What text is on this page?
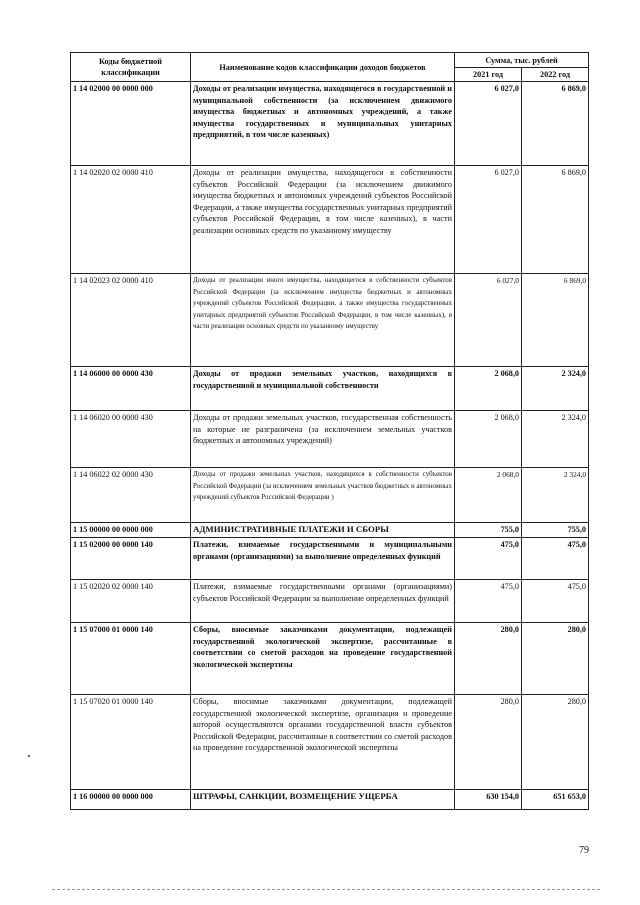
Коды бюджетной классификации	Наименование кодов классификации доходов бюджетов	Сумма, тыс. рублей	
		2021 год	2022 год
1 14 02000 00 0000 000	Доходы от реализации имущества, находящегося в государственной и муниципальной собственности (за исключением движимого имущества бюджетных и автономных учреждений, а также имущества государственных и муниципальных унитарных предприятий, в том числе казенных)	6 027,0	6 869,0
1 14 02020 02 0000 410	Доходы от реализации имущества, находящегося в собственности субъектов Российской Федерации (за исключением движимого имущества бюджетных и автономных учреждений субъектов Российской Федерации, а также имущества государственных унитарных предприятий субъектов Российской Федерации, в том числе казенных), в части реализации основных средств по указанному имуществу	6 027,0	6 869,0
1 14 02023 02 0000 410	Доходы от реализации иного имущества, находящегося в собственности субъектов Российской Федерации (за исключением имущества бюджетных и автономных учреждений субъектов Российской Федерации, а также имущества государственных унитарных предприятий субъектов Российской Федерации, в том числе казенных), в части реализации основных средств по указанному имуществу	6 027,0	6 869,0
1 14 06000 00 0000 430	Доходы от продажи земельных участков, находящихся в государственной и муниципальной собственности	2 068,0	2 324,0
1 14 06020 00 0000 430	Доходы от продажи земельных участков, государственная собственность на которые не разграничена (за исключением земельных участков бюджетных и автономных учреждений)	2 068,0	2 324,0
1 14 06022 02 0000 430	Доходы от продажи земельных участков, находящихся в собственности субъектов Российской Федерации (за исключением земельных участков бюджетных и автономных учреждений субъектов Российской Федерации )	2 068,0	2 324,0
1 15 00000 00 0000 000	АДМИНИСТРАТИВНЫЕ ПЛАТЕЖИ И СБОРЫ	755,0	755,0
1 15 02000 00 0000 140	Платежи, взимаемые государственными и муниципальными органами (организациями) за выполнение определенных функций	475,0	475,0
1 15 02020 02 0000 140	Платежи, взимаемые государственными органами (организациями) субъектов Российской Федерации за выполнение определенных функций	475,0	475,0
1 15 07000 01 0000 140	Сборы, вносимые заказчиками документации, подлежащей государственной экологической экспертизе, рассчитанные в соответствии со сметой расходов на проведение государственной экологической экспертизы	280,0	280,0
1 15 07020 01 0000 140	Сборы, вносимые заказчиками документации, подлежащей государственной экологической экспертизе, организация и проведение которой осуществляются органами государственной власти субъектов Российской Федерации, рассчитанные в соответствии со сметой расходов на проведение государственной экологической экспертизы	280,0	280,0
1 16 00000 00 0000 000	ШТРАФЫ, САНКЦИИ, ВОЗМЕЩЕНИЕ УЩЕРБА	630 154,0	651 653,0
79
